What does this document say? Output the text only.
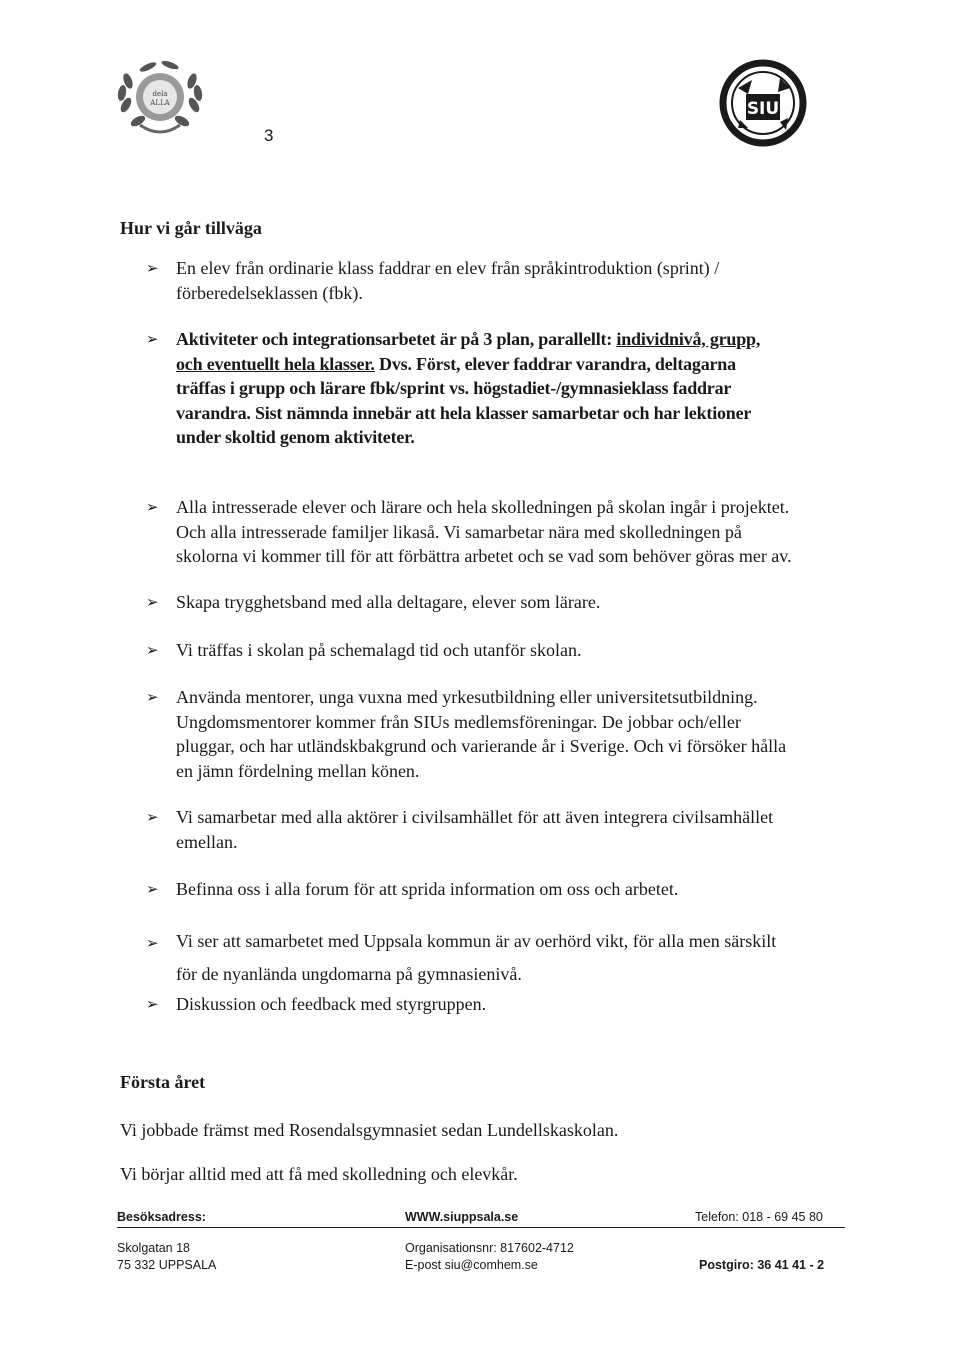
dela
ALLA
3
SIU
Hur vi går tillväga
➢ En elev från ordinarie klass faddrar en elev från språkintroduktion (sprint) /
förberedelseklassen (fbk).
➢ Aktiviteter och integrationsarbetet är på 3 plan, parallellt: individnivå, grupp,
och eventuellt hela klasser. Dvs. Först, elever faddrar varandra, deltagarna
träffas i grupp och lärare fbk/sprint vs. högstadiet-/gymnasieklass faddrar
varandra. Sist nämnda innebär att hela klasser samarbetar och har lektioner
under skoltid genom aktiviteter.
➢ Alla intresserade elever och lärare och hela skolledningen på skolan ingår i projektet.
Och alla intresserade familjer likaså. Vi samarbetar nära med skolledningen på
skolorna vi kommer till för att förbättra arbetet och se vad som behöver göras mer av.
➢ Skapa trygghetsband med alla deltagare, elever som lärare.
➢ Vi träffas i skolan på schemalagd tid och utanför skolan.
➢ Använda mentorer, unga vuxna med yrkesutbildning eller universitetsutbildning.
Ungdomsmentorer kommer från SIUs medlemsföreningar. De jobbar och/eller
pluggar, och har utländskbakgrund och varierande år i Sverige. Och vi försöker hålla
en jämn fördelning mellan könen.
➢ Vi samarbetar med alla aktörer i civilsamhället för att även integrera civilsamhället
emellan.
➢ Befinna oss i alla forum för att sprida information om oss och arbetet.
➢ Vi ser att samarbetet med Uppsala kommun är av oerhörd vikt, för alla men särskilt
för de nyanlända ungdomarna på gymnasienivå.
➢ Diskussion och feedback med styrgruppen.
Första året
Vi jobbade främst med Rosendalsgymnasiet sedan Lundellskaskolan.
Vi börjar alltid med att få med skolledning och elevkår.
Besöksadress:	WWW.siuppsala.se	Telefon: 018 - 69 45 80
Skolgatan 18
75 332 UPPSALA
Organisationsnr: 817602-4712
E-post siu@comhem.se	Postgiro: 36 41 41 - 2
